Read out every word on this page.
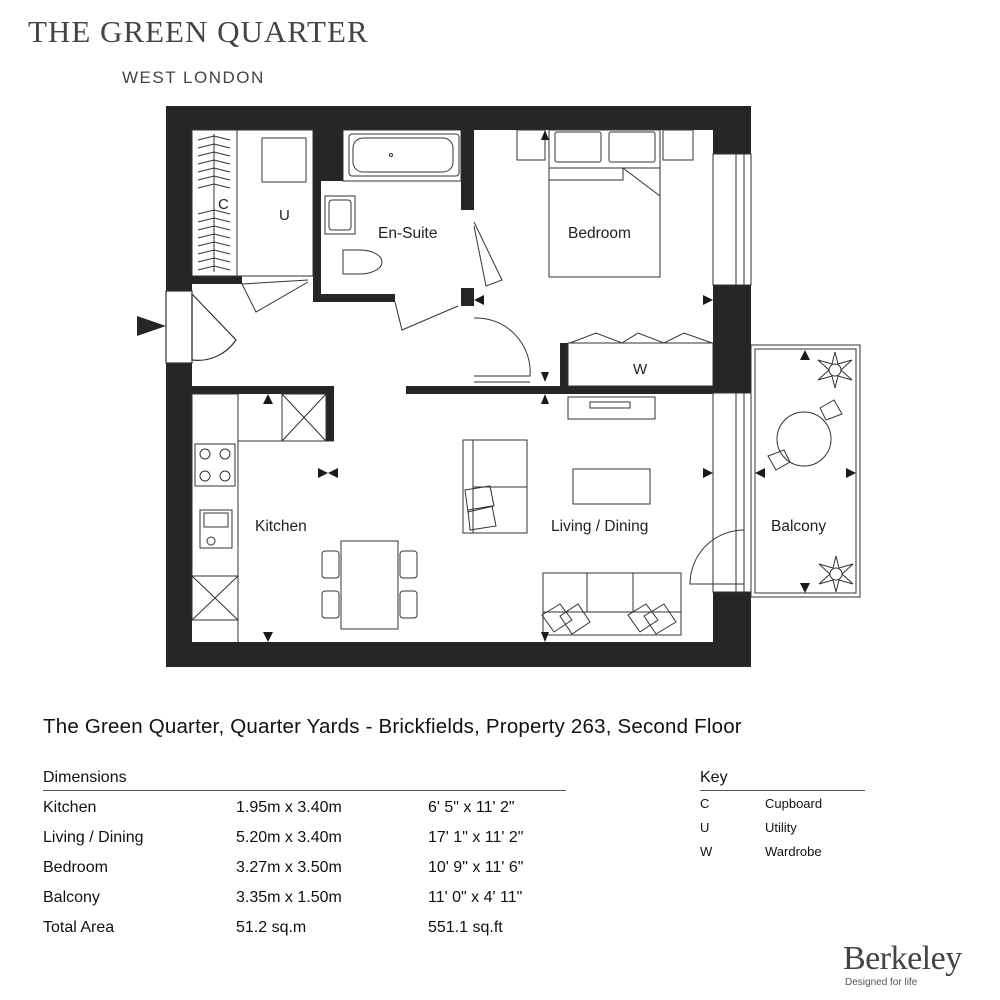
THE GREEN QUARTER
WEST LONDON
C
U
En-Suite	Bedroom
W
Kitchen	Living / Dining	Balcony
The Green Quarter, Quarter Yards - Brickfields, Property 263, Second Floor
Dimensions
Kitchen	1.95m x 3.40m	6' 5" x 11' 2"
Living / Dining	5.20m x 3.40m	17' 1" x 11' 2"
Bedroom	3.27m x 3.50m	10' 9" x 11' 6"
Balcony	3.35m x 1.50m	11' 0" x 4' 11"
Total Area	51.2 sq.m	551.1 sq.ft
Key
C	Cupboard
U	Utility
W	Wardrobe
Berkeley
Designed for life
